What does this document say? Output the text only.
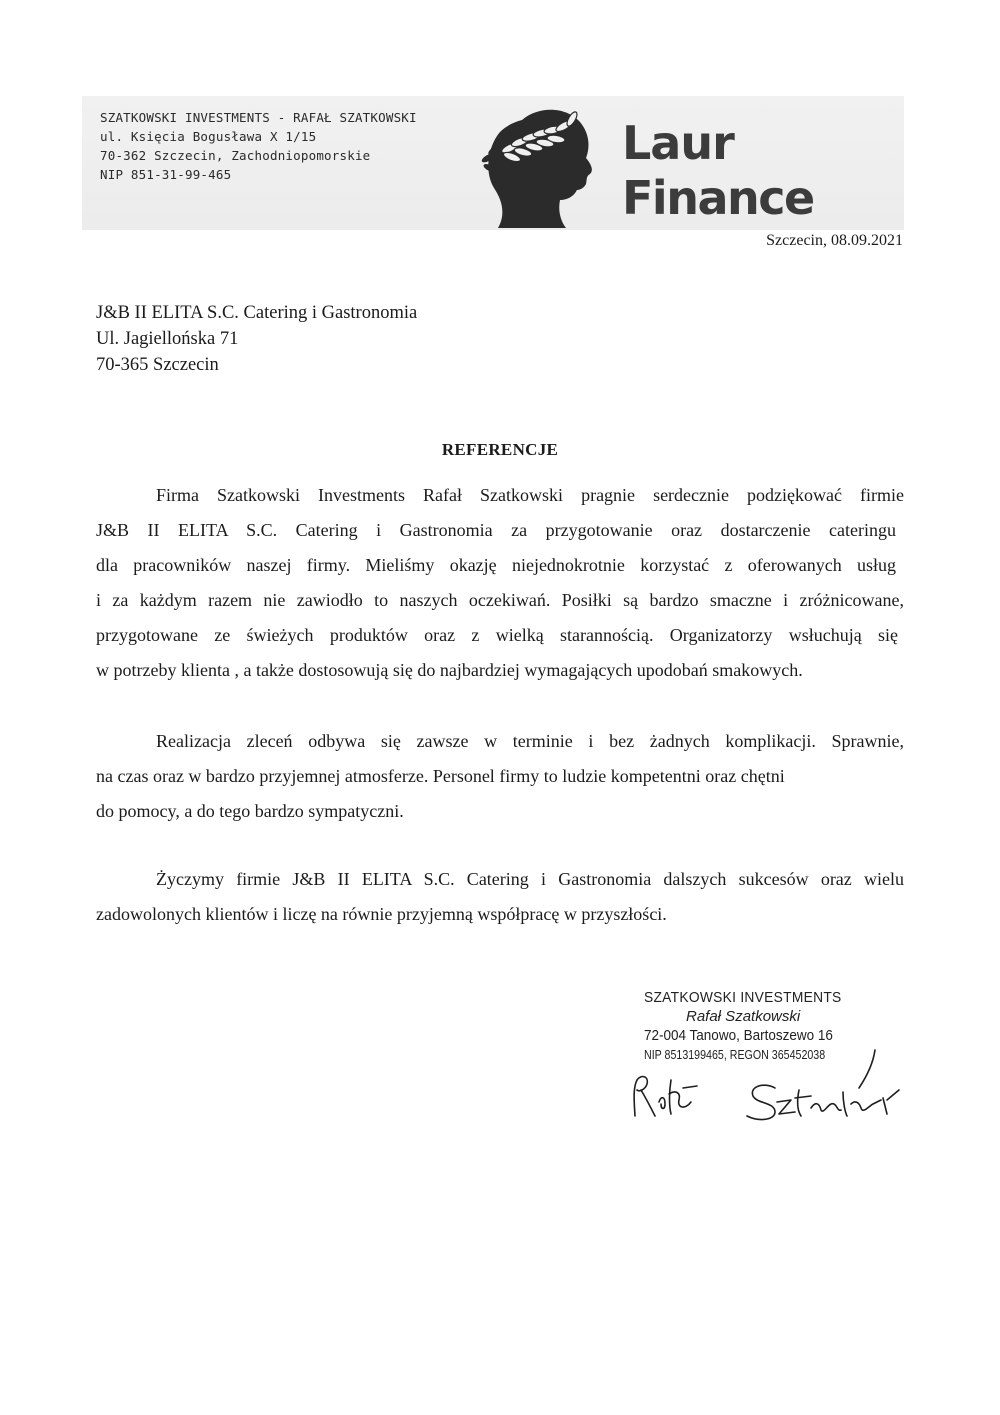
SZATKOWSKI INVESTMENTS - RAFAŁ SZATKOWSKI
ul. Księcia Bogusława X 1/15
70-362 Szczecin, Zachodniopomorskie
NIP 851-31-99-465
Laur
Finance
Szczecin, 08.09.2021
J&B II ELITA S.C. Catering i Gastronomia
Ul. Jagiellońska 71
70-365 Szczecin
REFERENCJE
Firma Szatkowski Investments Rafał Szatkowski pragnie serdecznie podziękować firmie
J&B II ELITA S.C. Catering i Gastronomia za przygotowanie oraz dostarczenie cateringu
dla pracowników naszej firmy. Mieliśmy okazję niejednokrotnie korzystać z oferowanych usług
i za każdym razem nie zawiodło to naszych oczekiwań. Posiłki są bardzo smaczne i zróżnicowane,
przygotowane ze świeżych produktów oraz z wielką starannością. Organizatorzy wsłuchują się
w potrzeby klienta , a także dostosowują się do najbardziej wymagających upodobań smakowych.
Realizacja zleceń odbywa się zawsze w terminie i bez żadnych komplikacji. Sprawnie,
na czas oraz w bardzo przyjemnej atmosferze. Personel firmy to ludzie kompetentni oraz chętni
do pomocy, a do tego bardzo sympatyczni.
Życzymy firmie J&B II ELITA S.C. Catering i Gastronomia dalszych sukcesów oraz wielu
zadowolonych klientów i liczę na równie przyjemną współpracę w przyszłości.
SZATKOWSKI INVESTMENTS
Rafał Szatkowski
72-004 Tanowo, Bartoszewo 16
NIP 8513199465, REGON 365452038
